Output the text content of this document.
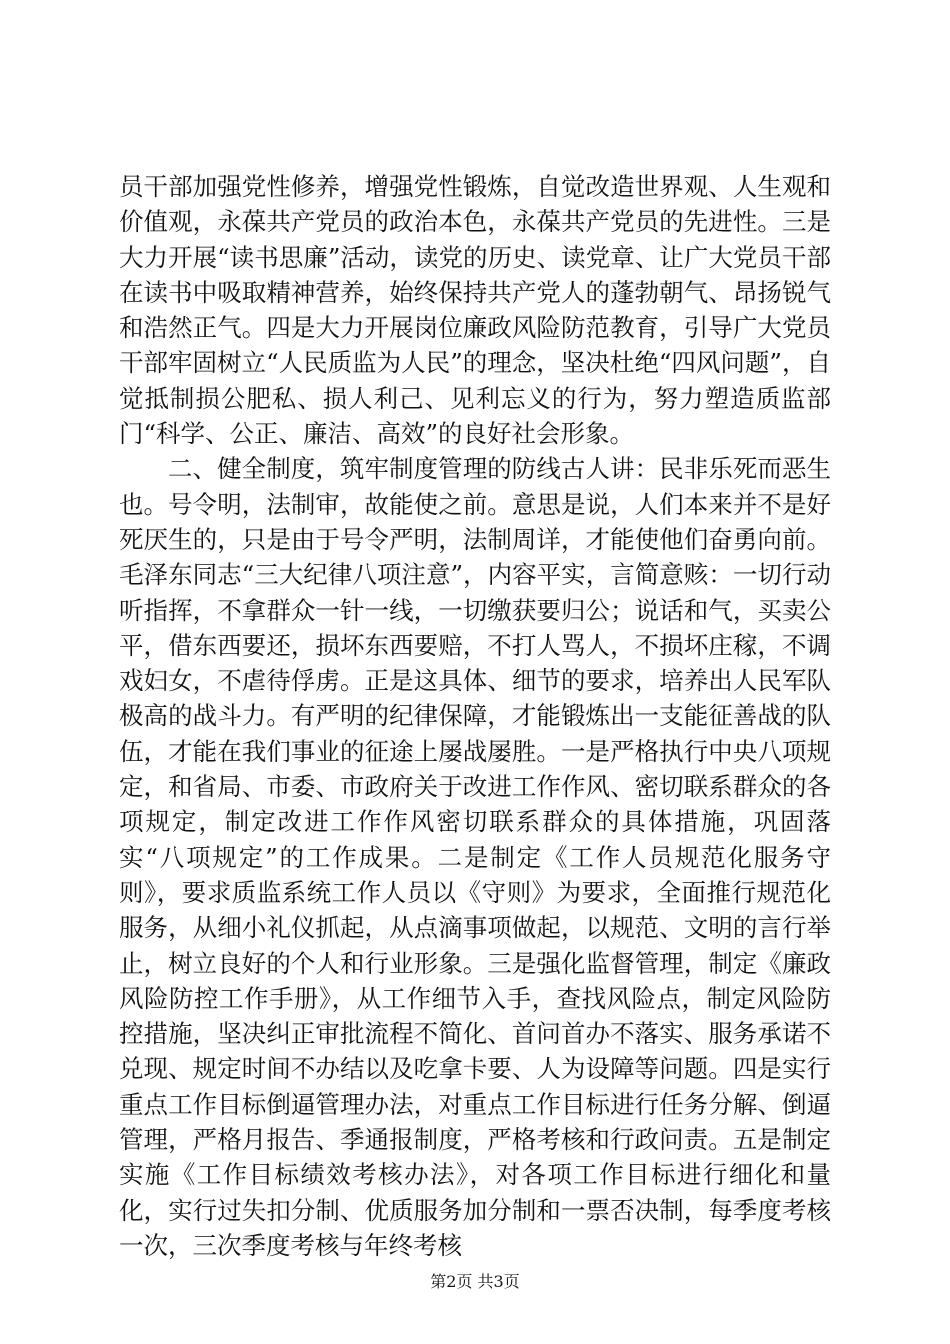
员干部加强党性修养，增强党性锻炼，自觉改造世界观、人生观和价值观，永葆共产党员的政治本色，永葆共产党员的先进性。三是大力开展“读书思廉”活动，读党的历史、读党章、让广大党员干部在读书中吸取精神营养，始终保持共产党人的蓬勃朝气、昂扬锐气和浩然正气。四是大力开展岗位廉政风险防范教育，引导广大党员干部牢固树立“人民质监为人民”的理念，坚决杜绝“四风问题”，自觉抵制损公肥私、损人利己、见利忘义的行为，努力塑造质监部门“科学、公正、廉洁、高效”的良好社会形象。

二、健全制度，筑牢制度管理的防线古人讲：民非乐死而恶生也。号令明，法制审，故能使之前。意思是说，人们本来并不是好死厌生的，只是由于号令严明，法制周详，才能使他们奋勇向前。毛泽东同志“三大纪律八项注意”，内容平实，言简意赅：一切行动听指挥，不拿群众一针一线，一切缴获要归公；说话和气，买卖公平，借东西要还，损坏东西要赔，不打人骂人，不损坏庄稼，不调戏妇女，不虐待俘虏。正是这具体、细节的要求，培养出人民军队极高的战斗力。有严明的纪律保障，才能锻炼出一支能征善战的队伍，才能在我们事业的征途上屡战屡胜。一是严格执行中央八项规定，和省局、市委、市政府关于改进工作作风、密切联系群众的各项规定，制定改进工作作风密切联系群众的具体措施，巩固落实“八项规定”的工作成果。二是制定《工作人员规范化服务守则》，要求质监系统工作人员以《守则》为要求，全面推行规范化服务，从细小礼仪抓起，从点滴事项做起，以规范、文明的言行举止，树立良好的个人和行业形象。三是强化监督管理，制定《廉政风险防控工作手册》，从工作细节入手，查找风险点，制定风险防控措施，坚决纠正审批流程不简化、首问首办不落实、服务承诺不兑现、规定时间不办结以及吃拿卡要、人为设障等问题。四是实行重点工作目标倒逼管理办法，对重点工作目标进行任务分解、倒逼管理，严格月报告、季通报制度，严格考核和行政问责。五是制定实施《工作目标绩效考核办法》，对各项工作目标进行细化和量化，实行过失扣分制、优质服务加分制和一票否决制，每季度考核一次，三次季度考核与年终考核

第2页 共3页
